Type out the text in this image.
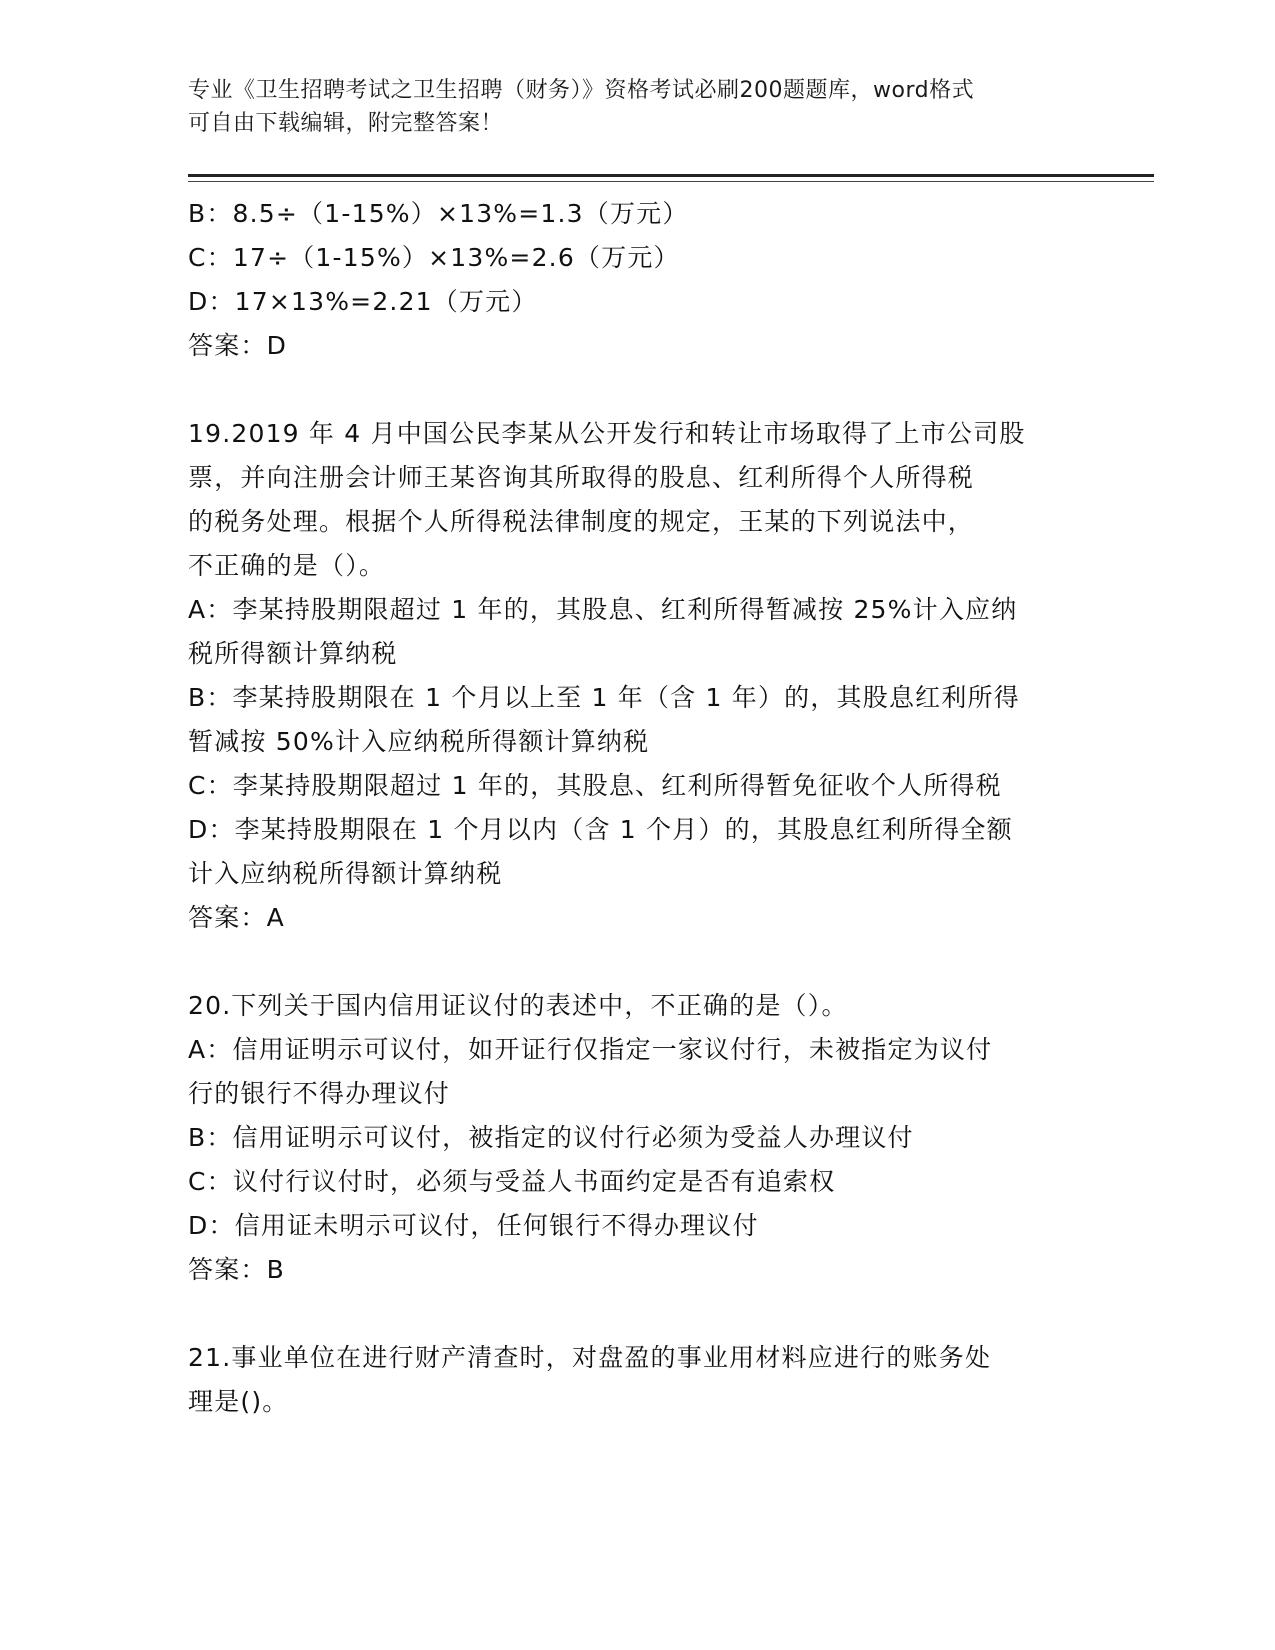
专业《卫生招聘考试之卫生招聘（财务）》资格考试必刷200题题库，word格式
可自由下载编辑，附完整答案！
B：8.5÷（1-15%）×13%=1.3（万元）
C：17÷（1-15%）×13%=2.6（万元）
D：17×13%=2.21（万元）
答案：D
19.2019 年 4 月中国公民李某从公开发行和转让市场取得了上市公司股
票，并向注册会计师王某咨询其所取得的股息、红利所得个人所得税
的税务处理。根据个人所得税法律制度的规定，王某的下列说法中，
不正确的是（）。
A：李某持股期限超过 1 年的，其股息、红利所得暂减按 25%计入应纳
税所得额计算纳税
B：李某持股期限在 1 个月以上至 1 年（含 1 年）的，其股息红利所得
暂减按 50%计入应纳税所得额计算纳税
C：李某持股期限超过 1 年的，其股息、红利所得暂免征收个人所得税
D：李某持股期限在 1 个月以内（含 1 个月）的，其股息红利所得全额
计入应纳税所得额计算纳税
答案：A
20.下列关于国内信用证议付的表述中，不正确的是（）。
A：信用证明示可议付，如开证行仅指定一家议付行，未被指定为议付
行的银行不得办理议付
B：信用证明示可议付，被指定的议付行必须为受益人办理议付
C：议付行议付时，必须与受益人书面约定是否有追索权
D：信用证未明示可议付，任何银行不得办理议付
答案：B
21.事业单位在进行财产清查时，对盘盈的事业用材料应进行的账务处
理是()。
